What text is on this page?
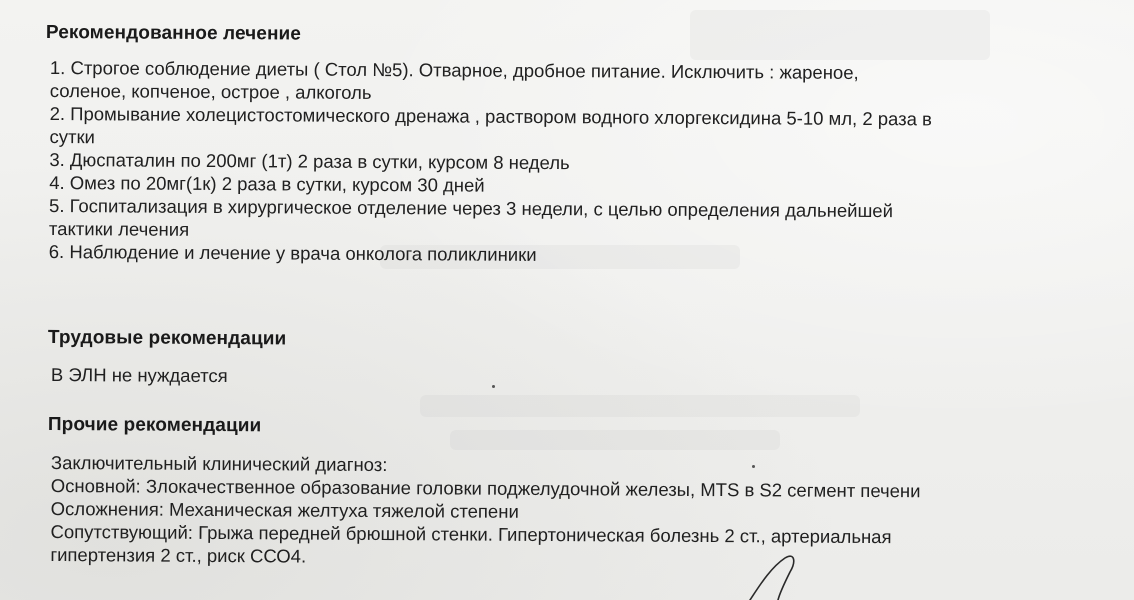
Рекомендованное лечение
1. Строгое соблюдение диеты ( Стол №5). Отварное, дробное питание. Исключить : жареное,
соленое, копченое, острое , алкоголь
2. Промывание холецистостомического дренажа , раствором водного хлоргексидина 5-10 мл, 2 раза в
сутки
3. Дюспаталин по 200мг (1т) 2 раза в сутки, курсом 8 недель
4. Омез по 20мг(1к) 2 раза в сутки, курсом 30 дней
5. Госпитализация в хирургическое отделение через 3 недели, с целью определения дальнейшей
тактики лечения
6. Наблюдение и лечение у врача онколога поликлиники
Трудовые рекомендации
В ЭЛН не нуждается
Прочие рекомендации
Заключительный клинический диагноз:
Основной: Злокачественное образование головки поджелудочной железы, MTS в S2 сегмент печени
Осложнения: Механическая желтуха тяжелой степени
Сопутствующий: Грыжа передней брюшной стенки. Гипертоническая болезнь 2 ст., артериальная
гипертензия 2 ст., риск ССО4.
